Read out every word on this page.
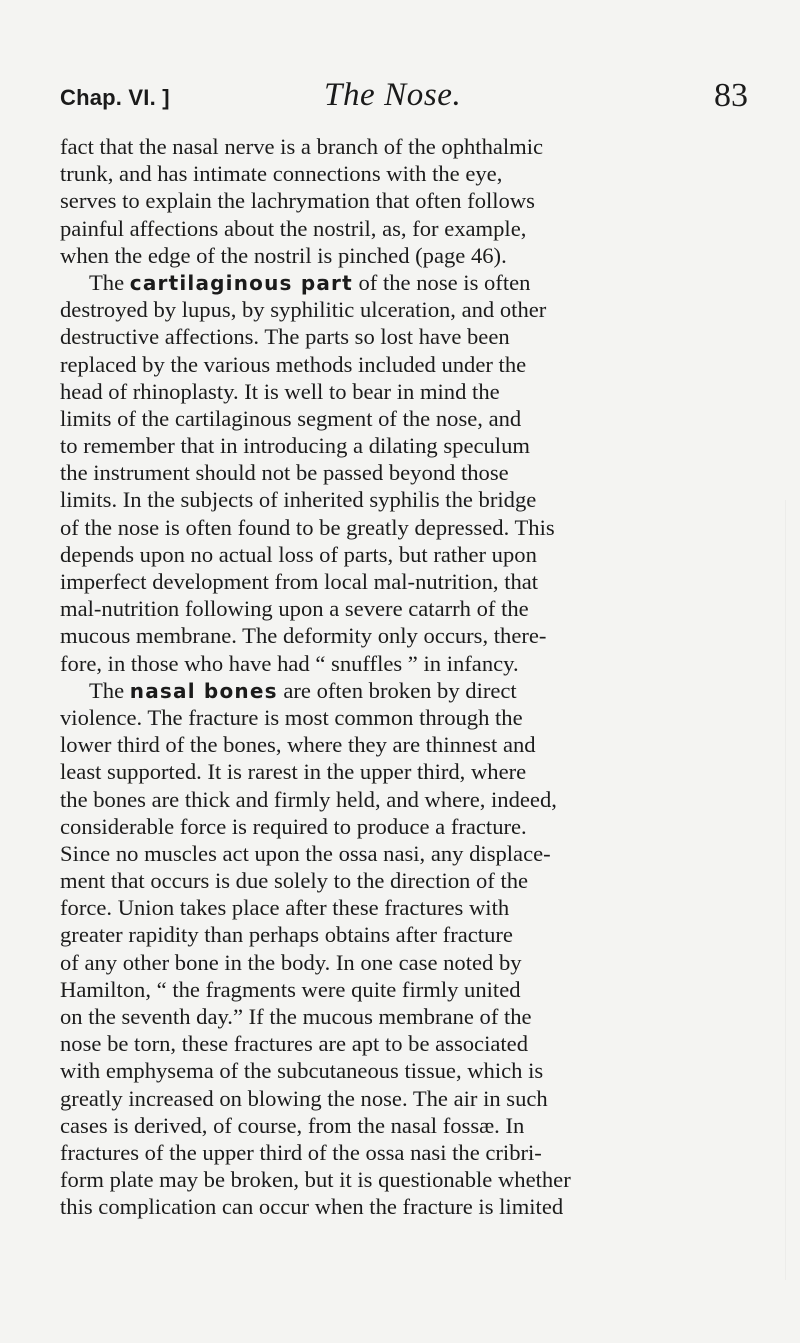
Chap. VI. ]	The Nose.	83
fact that the nasal nerve is a branch of the ophthalmic
trunk, and has intimate connections with the eye,
serves to explain the lachrymation that often follows
painful affections about the nostril, as, for example,
when the edge of the nostril is pinched (page 46).
The cartilaginous part of the nose is often
destroyed by lupus, by syphilitic ulceration, and other
destructive affections. The parts so lost have been
replaced by the various methods included under the
head of rhinoplasty. It is well to bear in mind the
limits of the cartilaginous segment of the nose, and
to remember that in introducing a dilating speculum
the instrument should not be passed beyond those
limits. In the subjects of inherited syphilis the bridge
of the nose is often found to be greatly depressed. This
depends upon no actual loss of parts, but rather upon
imperfect development from local mal-nutrition, that
mal-nutrition following upon a severe catarrh of the
mucous membrane. The deformity only occurs, there-
fore, in those who have had “ snuffles ” in infancy.
The nasal bones are often broken by direct
violence. The fracture is most common through the
lower third of the bones, where they are thinnest and
least supported. It is rarest in the upper third, where
the bones are thick and firmly held, and where, indeed,
considerable force is required to produce a fracture.
Since no muscles act upon the ossa nasi, any displace-
ment that occurs is due solely to the direction of the
force. Union takes place after these fractures with
greater rapidity than perhaps obtains after fracture
of any other bone in the body. In one case noted by
Hamilton, “ the fragments were quite firmly united
on the seventh day.” If the mucous membrane of the
nose be torn, these fractures are apt to be associated
with emphysema of the subcutaneous tissue, which is
greatly increased on blowing the nose. The air in such
cases is derived, of course, from the nasal fossæ. In
fractures of the upper third of the ossa nasi the cribri-
form plate may be broken, but it is questionable whether
this complication can occur when the fracture is limited
